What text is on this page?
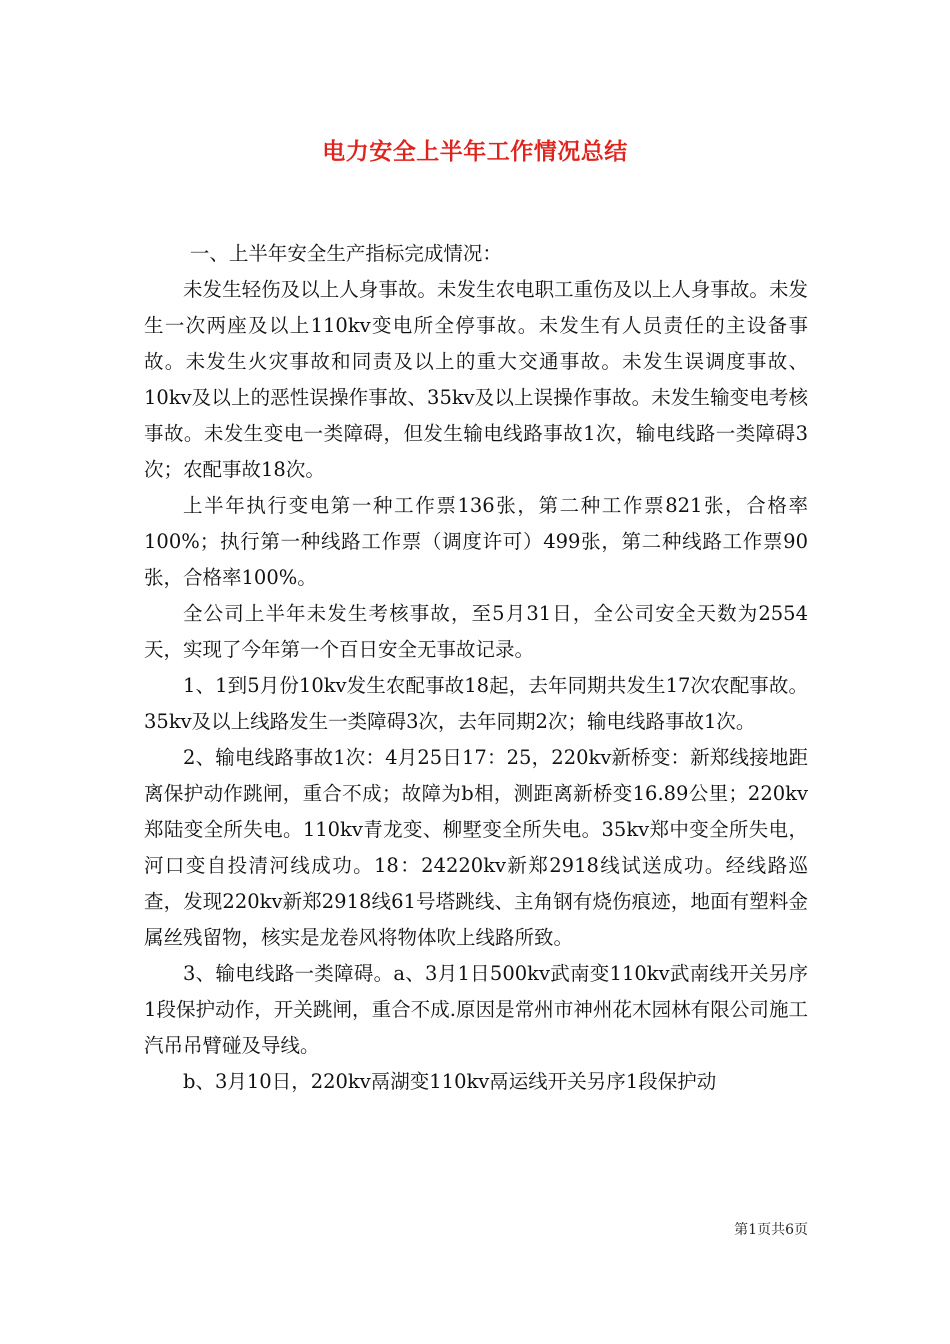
电力安全上半年工作情况总结

一、上半年安全生产指标完成情况：

未发生轻伤及以上人身事故。未发生农电职工重伤及以上人身事故。未发生一次两座及以上110kv变电所全停事故。未发生有人员责任的主设备事故。未发生火灾事故和同责及以上的重大交通事故。未发生误调度事故、10kv及以上的恶性误操作事故、35kv及以上误操作事故。未发生输变电考核事故。未发生变电一类障碍，但发生输电线路事故1次，输电线路一类障碍3次；农配事故18次。

上半年执行变电第一种工作票136张，第二种工作票821张，合格率100%；执行第一种线路工作票（调度许可）499张，第二种线路工作票90张，合格率100%。

全公司上半年未发生考核事故，至5月31日，全公司安全天数为2554天，实现了今年第一个百日安全无事故记录。

1、1到5月份10kv发生农配事故18起，去年同期共发生17次农配事故。35kv及以上线路发生一类障碍3次，去年同期2次；输电线路事故1次。

2、输电线路事故1次：4月25日17：25，220kv新桥变：新郑线接地距离保护动作跳闸，重合不成；故障为b相，测距离新桥变16.89公里；220kv郑陆变全所失电。110kv青龙变、柳墅变全所失电。35kv郑中变全所失电，河口变自投清河线成功。18：24220kv新郑2918线试送成功。经线路巡查，发现220kv新郑2918线61号塔跳线、主角钢有烧伤痕迹，地面有塑料金属丝残留物，核实是龙卷风将物体吹上线路所致。

3、输电线路一类障碍。a、3月1日500kv武南变110kv武南线开关另序1段保护动作，开关跳闸，重合不成.原因是常州市神州花木园林有限公司施工汽吊吊臂碰及导线。

b、3月10日，220kv鬲湖变110kv鬲运线开关另序1段保护动

第1页共6页
